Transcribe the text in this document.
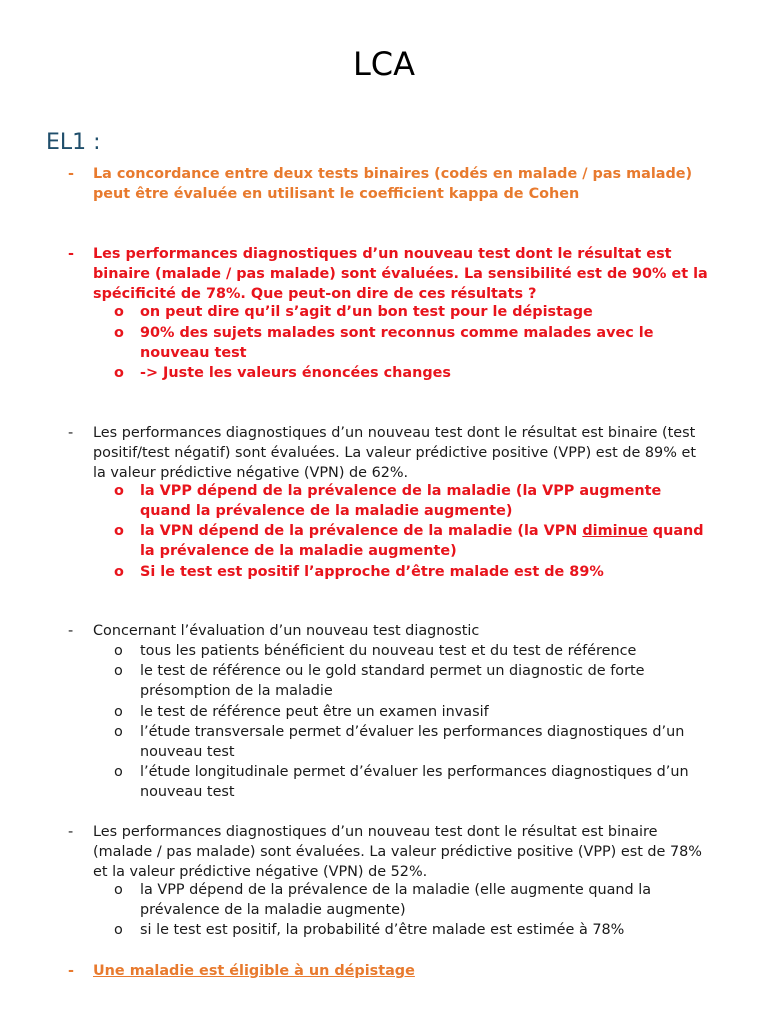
LCA
EL1 :
- La concordance entre deux tests binaires (codés en malade / pas malade) peut être évaluée en utilisant le coefficient kappa de Cohen
- Les performances diagnostiques d’un nouveau test dont le résultat est binaire (malade / pas malade) sont évaluées. La sensibilité est de 90% et la spécificité de 78%. Que peut-on dire de ces résultats ?
o on peut dire qu’il s’agit d’un bon test pour le dépistage
o 90% des sujets malades sont reconnus comme malades avec le nouveau test
o -> Juste les valeurs énoncées changes
- Les performances diagnostiques d’un nouveau test dont le résultat est binaire (test positif/test négatif) sont évaluées. La valeur prédictive positive (VPP) est de 89% et la valeur prédictive négative (VPN) de 62%.
o la VPP dépend de la prévalence de la maladie (la VPP augmente quand la prévalence de la maladie augmente)
o la VPN dépend de la prévalence de la maladie (la VPN diminue quand la prévalence de la maladie augmente)
o Si le test est positif l’approche d’être malade est de 89%
- Concernant l’évaluation d’un nouveau test diagnostic
o tous les patients bénéficient du nouveau test et du test de référence
o le test de référence ou le gold standard permet un diagnostic de forte présomption de la maladie
o le test de référence peut être un examen invasif
o l’étude transversale permet d’évaluer les performances diagnostiques d’un nouveau test
o l’étude longitudinale permet d’évaluer les performances diagnostiques d’un nouveau test
- Les performances diagnostiques d’un nouveau test dont le résultat est binaire (malade / pas malade) sont évaluées. La valeur prédictive positive (VPP) est de 78% et la valeur prédictive négative (VPN) de 52%.
o la VPP dépend de la prévalence de la maladie (elle augmente quand la prévalence de la maladie augmente)
o si le test est positif, la probabilité d’être malade est estimée à 78%
- Une maladie est éligible à un dépistage
